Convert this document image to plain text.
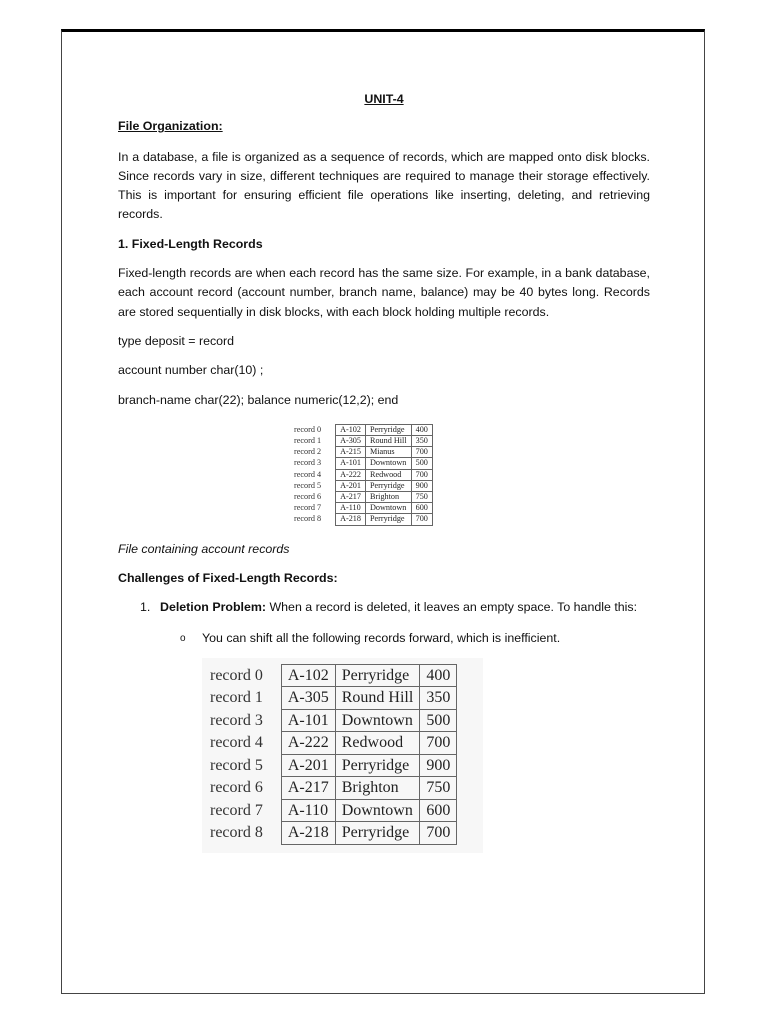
UNIT-4
File Organization:

In a database, a file is organized as a sequence of records, which are mapped onto disk blocks. Since records vary in size, different techniques are required to manage their storage effectively. This is important for ensuring efficient file operations like inserting, deleting, and retrieving records.

1. Fixed-Length Records

Fixed-length records are when each record has the same size. For example, in a bank database, each account record (account number, branch name, balance) may be 40 bytes long. Records are stored sequentially in disk blocks, with each block holding multiple records.

type deposit = record
account number char(10) ;
branch-name char(22); balance numeric(12,2); end
record 0	A-102	Perryridge	400
record 1	A-305	Round Hill	350
record 2	A-215	Mianus	700
record 3	A-101	Downtown	500
record 4	A-222	Redwood	700
record 5	A-201	Perryridge	900
record 6	A-217	Brighton	750
record 7	A-110	Downtown	600
record 8	A-218	Perryridge	700
File containing account records
Challenges of Fixed-Length Records:
1. Deletion Problem: When a record is deleted, it leaves an empty space. To handle this:
o	You can shift all the following records forward, which is inefficient.
record 0	A-102	Perryridge	400
record 1	A-305	Round Hill	350
record 3	A-101	Downtown	500
record 4	A-222	Redwood	700
record 5	A-201	Perryridge	900
record 6	A-217	Brighton	750
record 7	A-110	Downtown	600
record 8	A-218	Perryridge	700
